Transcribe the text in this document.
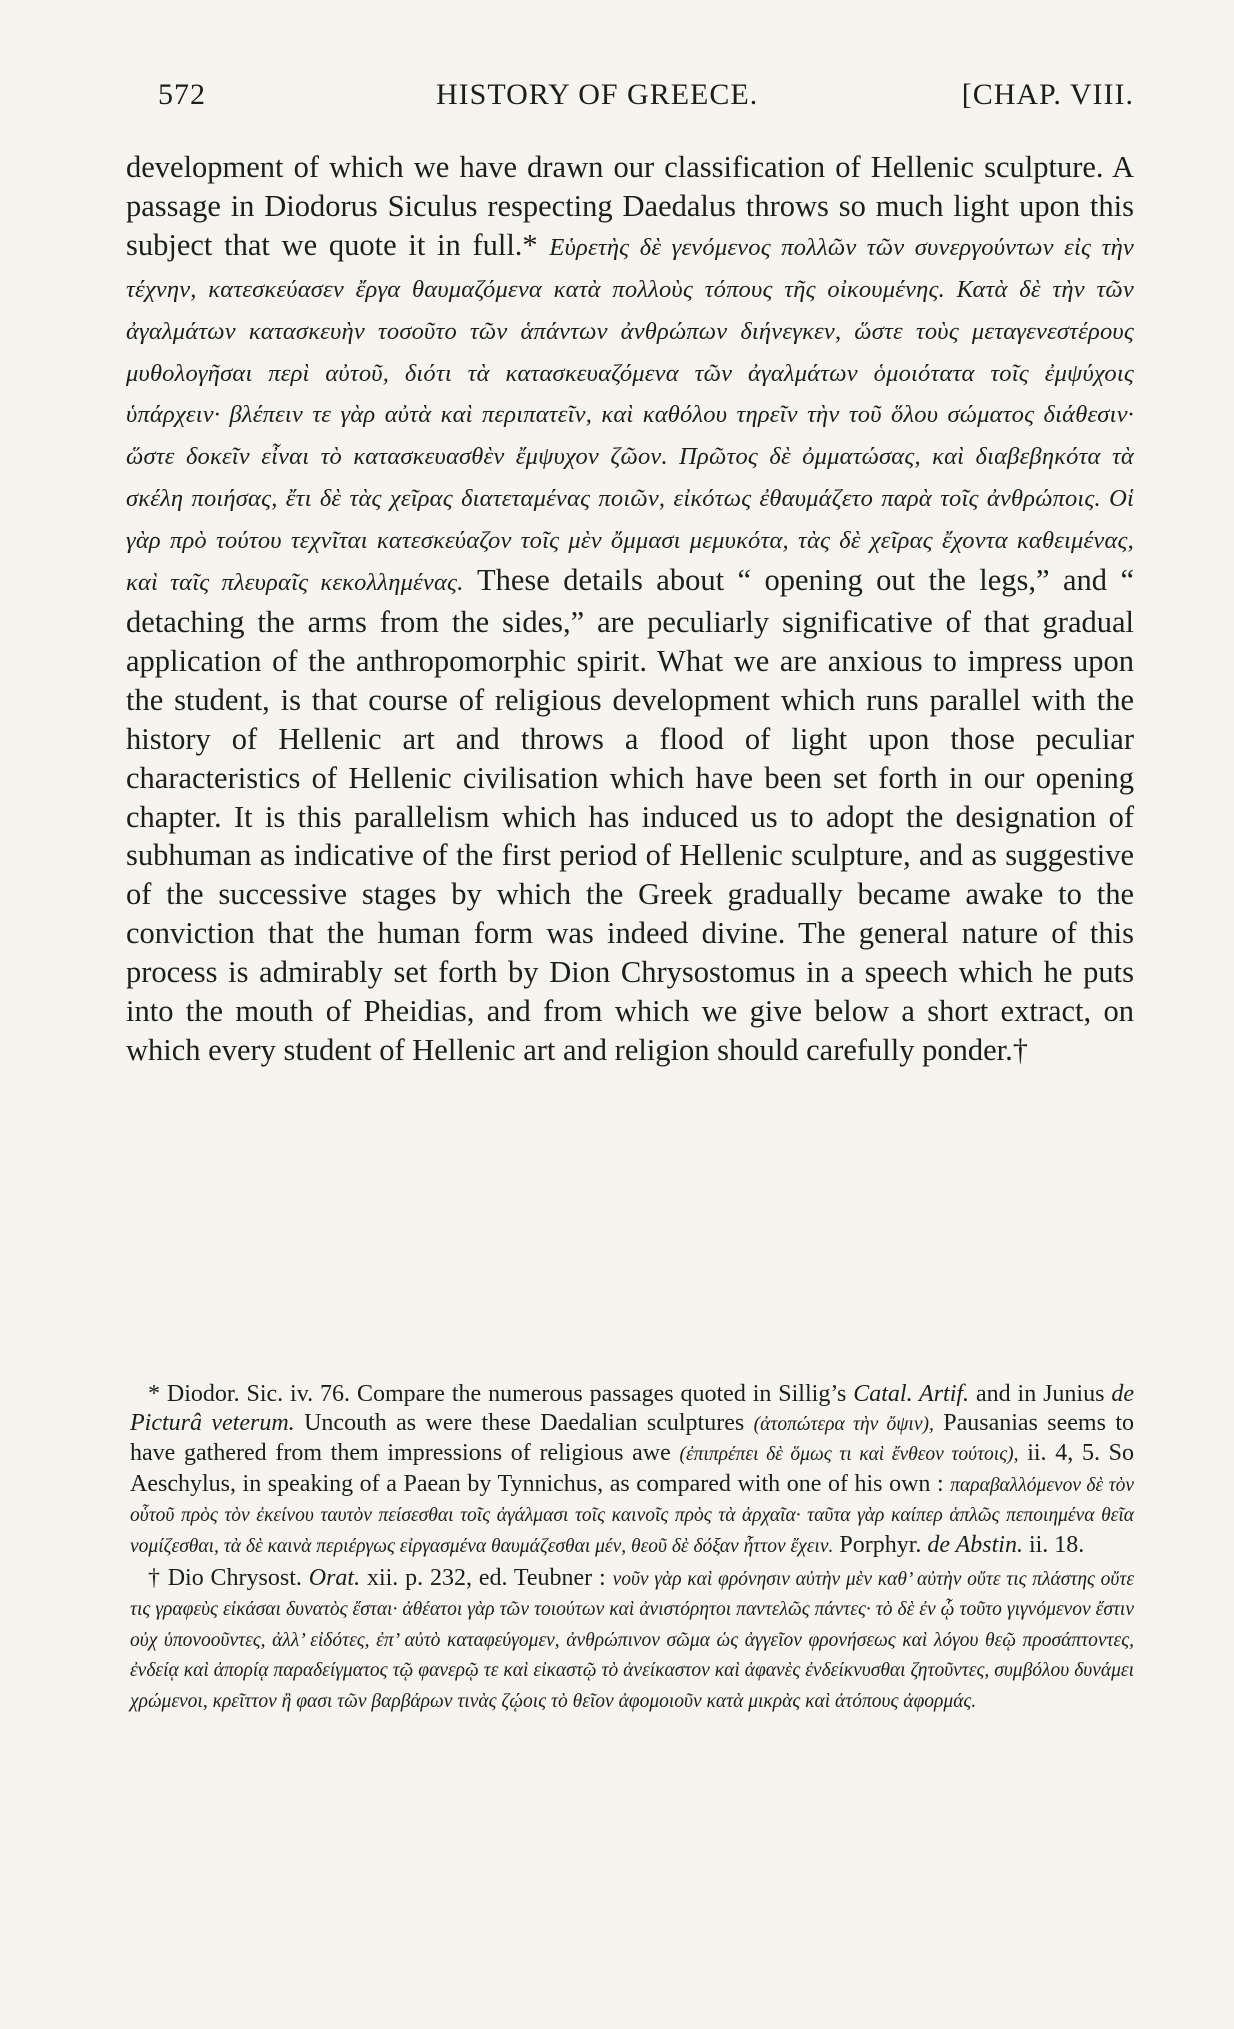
572	HISTORY OF GREECE.	[CHAP. VIII.

development of which we have drawn our classification of Hellenic sculpture. A passage in Diodorus Siculus respecting Daedalus throws so much light upon this subject that we quote it in full.* Εὑρετὴς δὲ γενόμενος πολλῶν τῶν συνεργούντων εἰς τὴν τέχνην, κατεσκεύασεν ἔργα θαυμαζόμενα κατὰ πολλοὺς τόπους τῆς οἰκουμένης. Κατὰ δὲ τὴν τῶν ἀγαλμάτων κατασκευὴν τοσοῦτο τῶν ἁπάντων ἀνθρώπων διήνεγκεν, ὥστε τοὺς μεταγενεστέρους μυθολογῆσαι περὶ αὐτοῦ, διότι τὰ κατασκευαζόμενα τῶν ἀγαλμάτων ὁμοιότατα τοῖς ἐμψύχοις ὑπάρχειν· βλέπειν τε γὰρ αὐτὰ καὶ περιπατεῖν, καὶ καθόλου τηρεῖν τὴν τοῦ ὅλου σώματος διάθεσιν· ὥστε δοκεῖν εἶναι τὸ κατασκευασθὲν ἔμψυχον ζῶον. Πρῶτος δὲ ὀμματώσας, καὶ διαβεβηκότα τὰ σκέλη ποιήσας, ἔτι δὲ τὰς χεῖρας διατεταμένας ποιῶν, εἰκότως ἐθαυμάζετο παρὰ τοῖς ἀνθρώποις. Οἱ γὰρ πρὸ τούτου τεχνῖται κατεσκεύαζον τοῖς μὲν ὄμμασι μεμυκότα, τὰς δὲ χεῖρας ἔχοντα καθειμένας, καὶ ταῖς πλευραῖς κεκολλημένας. These details about “ opening out the legs,” and “ detaching the arms from the sides,” are peculiarly significative of that gradual application of the anthropomorphic spirit. What we are anxious to impress upon the student, is that course of religious development which runs parallel with the history of Hellenic art and throws a flood of light upon those peculiar characteristics of Hellenic civilisation which have been set forth in our opening chapter. It is this parallelism which has induced us to adopt the designation of subhuman as indicative of the first period of Hellenic sculpture, and as suggestive of the successive stages by which the Greek gradually became awake to the conviction that the human form was indeed divine. The general nature of this process is admirably set forth by Dion Chrysostomus in a speech which he puts into the mouth of Pheidias, and from which we give below a short extract, on which every student of Hellenic art and religion should carefully ponder.†

* Diodor. Sic. iv. 76. Compare the numerous passages quoted in Sillig’s Catal. Artif. and in Junius de Picturâ veterum. Uncouth as were these Daedalian sculptures (ἀτοπώτερα τὴν ὄψιν), Pausanias seems to have gathered from them impressions of religious awe (ἐπιπρέπει δὲ ὅμως τι καὶ ἔνθεον τούτοις), ii. 4, 5. So Aeschylus, in speaking of a Paean by Tynnichus, as compared with one of his own : παραβαλλόμενον δὲ τὸν οὗτοῦ πρὸς τὸν ἐκείνου ταυτὸν πείσεσθαι τοῖς ἀγάλμασι τοῖς καινοῖς πρὸς τὰ ἀρχαῖα· ταῦτα γὰρ καίπερ ἁπλῶς πεποιημένα θεῖα νομίζεσθαι, τὰ δὲ καινὰ περιέργως εἰργασμένα θαυμάζεσθαι μέν, θεοῦ δὲ δόξαν ἧττον ἔχειν. Porphyr. de Abstin. ii. 18.

† Dio Chrysost. Orat. xii. p. 232, ed. Teubner : νοῦν γὰρ καὶ φρόνησιν αὐτὴν μὲν καθ’ αὐτὴν οὔτε τις πλάστης οὔτε τις γραφεὺς εἰκάσαι δυνατὸς ἔσται· ἀθέατοι γὰρ τῶν τοιούτων καὶ ἀνιστόρητοι παντελῶς πάντες· τὸ δὲ ἐν ᾧ τοῦτο γιγνόμενον ἔστιν οὐχ ὑπονοοῦντες, ἀλλ’ εἰδότες, ἐπ’ αὐτὸ καταφεύγομεν, ἀνθρώπινον σῶμα ὡς ἀγγεῖον φρονήσεως καὶ λόγου θεῷ προσάπτοντες, ἐνδείᾳ καὶ ἀπορίᾳ παραδείγματος τῷ φανερῷ τε καὶ εἰκαστῷ τὸ ἀνείκαστον καὶ ἀφανὲς ἐνδείκνυσθαι ζητοῦντες, συμβόλου δυνάμει χρώμενοι, κρεῖττον ἢ φασι τῶν βαρβάρων τινὰς ζῴοις τὸ θεῖον ἀφομοιοῦν κατὰ μικρὰς καὶ ἀτόπους ἀφορμάς.
